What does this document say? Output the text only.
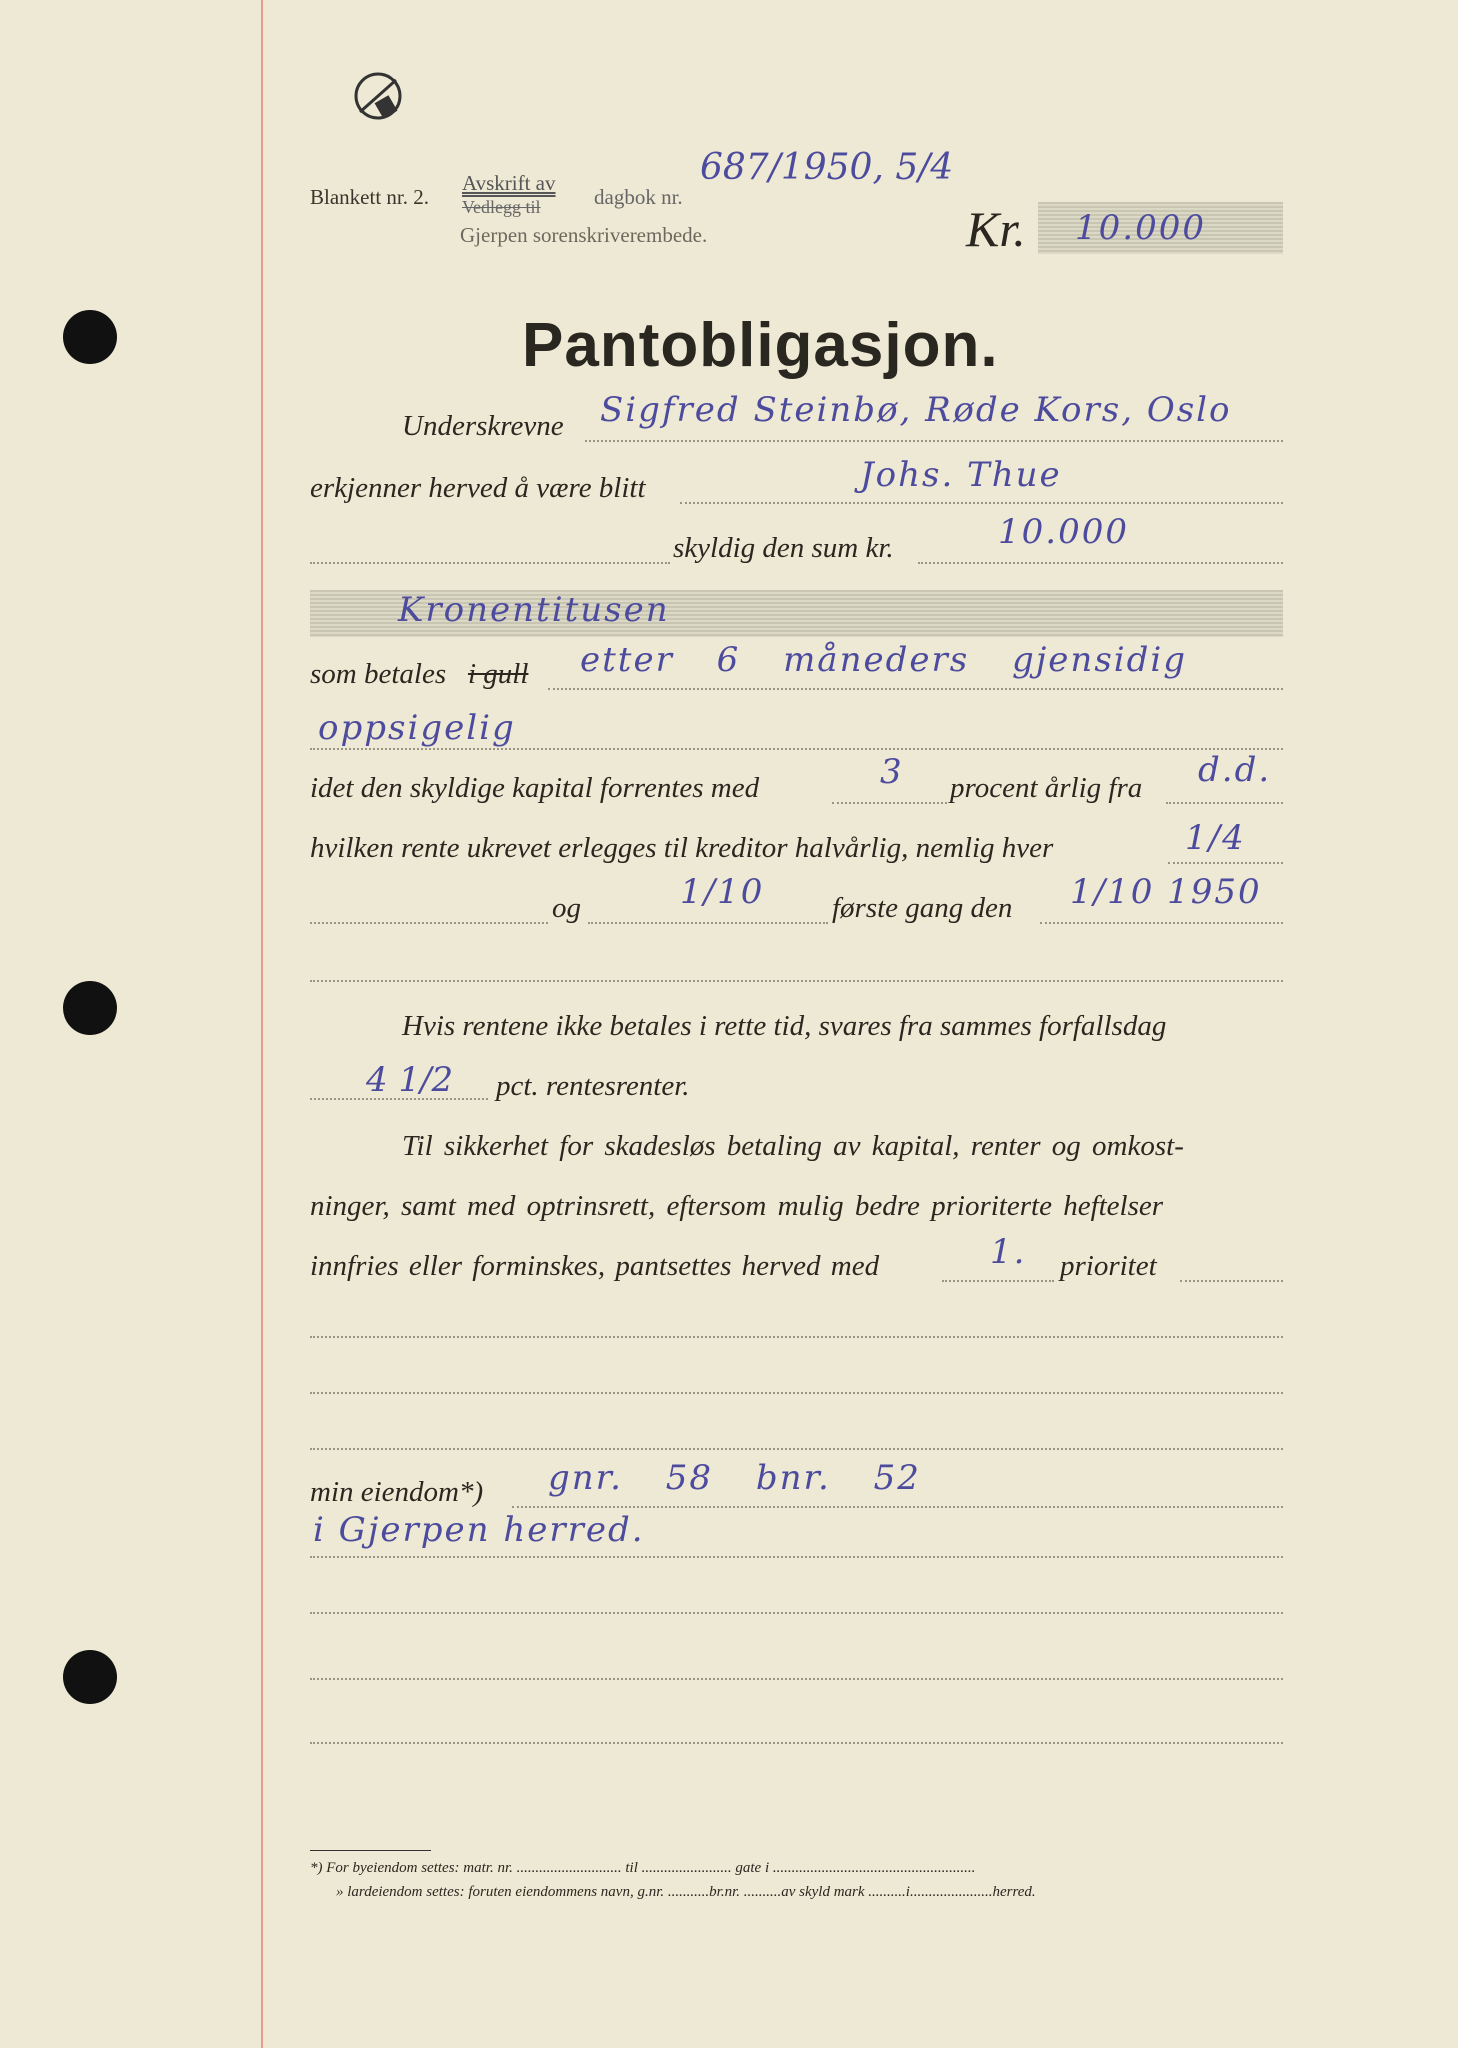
Blankett nr. 2.
Avskrift av
Vedlegg til	dagbok nr.
687/1950, 5/4
Gjerpen sorenskriverembede.	Kr. 10.000
Pantobligasjon.
Underskrevne Sigfred Steinbø, Røde Kors, Oslo
erkjenner herved å være blitt	Johs. Thue
skyldig den sum kr.	10.000
Kronentitusen
som betales i gull etter 6 måneders gjensidig
oppsigelig
idet den skyldige kapital forrentes med	3 procent årlig fra d.d.
hvilken rente ukrevet erlegges til kreditor halvårlig, nemlig hver	1/4
og	1/10 første gang den 1/10 1950
Hvis rentene ikke betales i rette tid, svares fra sammes forfallsdag
4 1/2 pct. rentesrenter.
Til sikkerhet for skadesløs betaling av kapital, renter og omkost-
ninger, samt med optrinsrett, eftersom mulig bedre prioriterte heftelser
innfries eller forminskes, pantsettes herved med	1. prioritet
min eiendom*) gnr. 58 bnr. 52
i Gjerpen herred.
*) For byeiendom settes: matr. nr. ............................ til ........................ gate i ......................................................
» lardeiendom settes: foruten eiendommens navn, g.nr. ...........br.nr. ..........av skyld mark ..........i......................herred.
